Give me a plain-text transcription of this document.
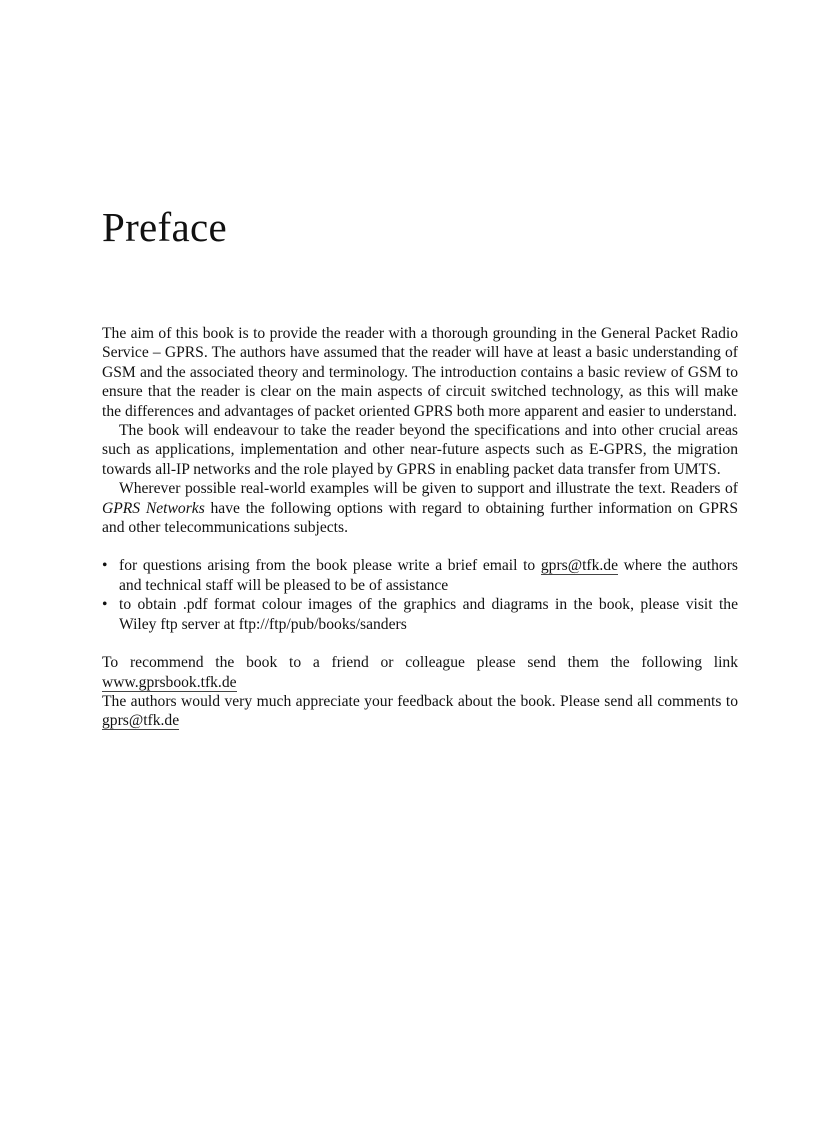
Preface

The aim of this book is to provide the reader with a thorough grounding in the General Packet Radio Service – GPRS. The authors have assumed that the reader will have at least a basic understanding of GSM and the associated theory and terminology. The introduction contains a basic review of GSM to ensure that the reader is clear on the main aspects of circuit switched technology, as this will make the differences and advantages of packet oriented GPRS both more apparent and easier to understand.

The book will endeavour to take the reader beyond the specifications and into other crucial areas such as applications, implementation and other near-future aspects such as E-GPRS, the migration towards all-IP networks and the role played by GPRS in enabling packet data transfer from UMTS.

Wherever possible real-world examples will be given to support and illustrate the text. Readers of GPRS Networks have the following options with regard to obtaining further information on GPRS and other telecommunications subjects.

• for questions arising from the book please write a brief email to gprs@tfk.de where the authors and technical staff will be pleased to be of assistance
• to obtain .pdf format colour images of the graphics and diagrams in the book, please visit the Wiley ftp server at ftp://ftp/pub/books/sanders

To recommend the book to a friend or colleague please send them the following link www.gprsbook.tfk.de

The authors would very much appreciate your feedback about the book. Please send all comments to gprs@tfk.de
